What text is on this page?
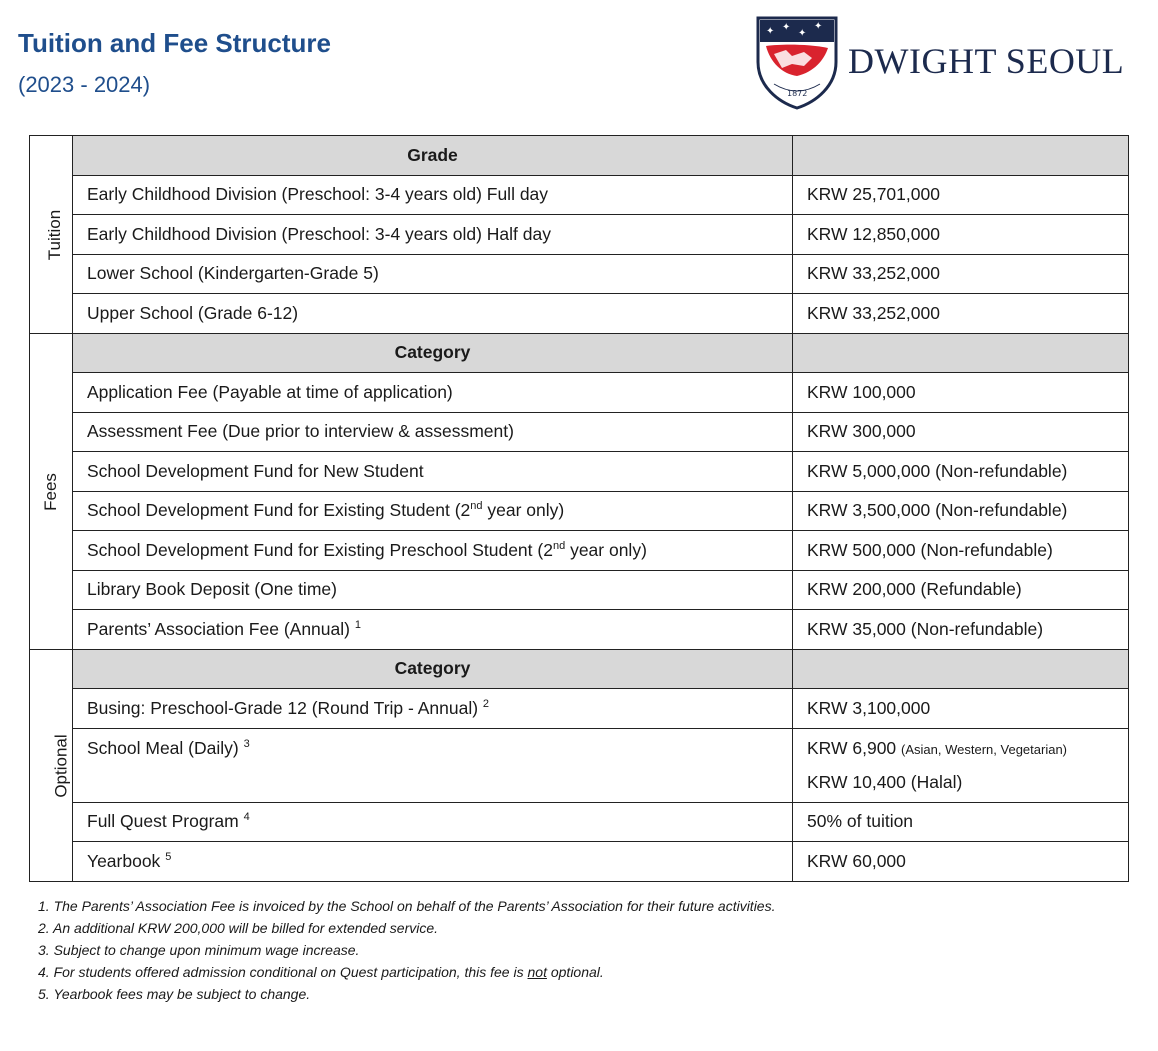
Tuition and Fee Structure
(2023 - 2024)
✦ ✦
✦
✦
1872
DWIGHT SEOUL
Tuition	Grade	
	Early Childhood Division (Preschool: 3-4 years old) Full day	KRW 25,701,000
	Early Childhood Division (Preschool: 3-4 years old) Half day	KRW 12,850,000
	Lower School (Kindergarten-Grade 5)	KRW 33,252,000
	Upper School (Grade 6-12)	KRW 33,252,000
Fees	Category	
	Application Fee (Payable at time of application)	KRW 100,000
	Assessment Fee (Due prior to interview & assessment)	KRW 300,000
	School Development Fund for New Student	KRW 5,000,000 (Non-refundable)
	School Development Fund for Existing Student (2nd year only)	KRW 3,500,000 (Non-refundable)
	School Development Fund for Existing Preschool Student (2nd year only)	KRW 500,000 (Non-refundable)
	Library Book Deposit (One time)	KRW 200,000 (Refundable)
	Parents’ Association Fee (Annual) $^1$	KRW 35,000 (Non-refundable)
Optional	Category	
	Busing: Preschool-Grade 12 (Round Trip - Annual) $^2$	KRW 3,100,000
	School Meal (Daily) $^3$	KRW 6,900 (Asian, Western, Vegetarian)
KRW 10,400 (Halal)

	Full Quest Program $^4$	50% of tuition
	Yearbook $^5$	KRW 60,000
1. The Parents’ Association Fee is invoiced by the School on behalf of the Parents’ Association for their future activities.
2. An additional KRW 200,000 will be billed for extended service.
3. Subject to change upon minimum wage increase.
4. For students offered admission conditional on Quest participation, this fee is not optional.
5. Yearbook fees may be subject to change.
